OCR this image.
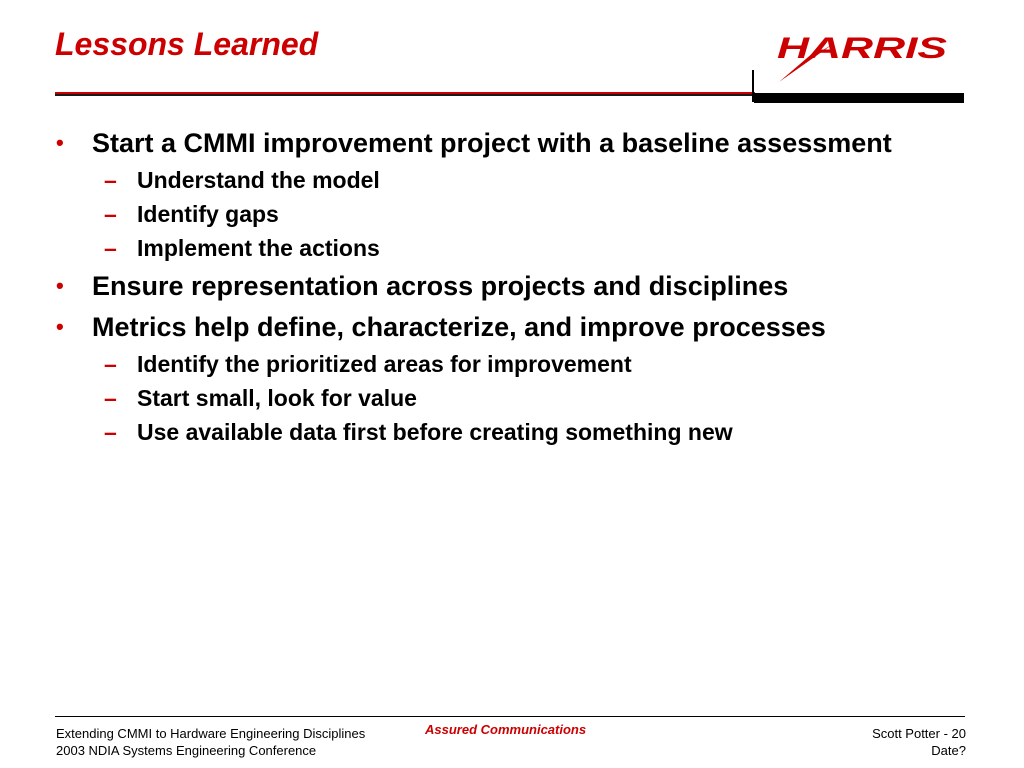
Lessons Learned	HARRIS
• Start a CMMI improvement project with a baseline assessment
– Understand the model
– Identify gaps
– Implement the actions
• Ensure representation across projects and disciplines
• Metrics help define, characterize, and improve processes
– Identify the prioritized areas for improvement
– Start small, look for value
– Use available data first before creating something new
Extending CMMI to Hardware Engineering Disciplines
2003 NDIA Systems Engineering Conference
Assured Communications	Scott Potter - 20
Date?
